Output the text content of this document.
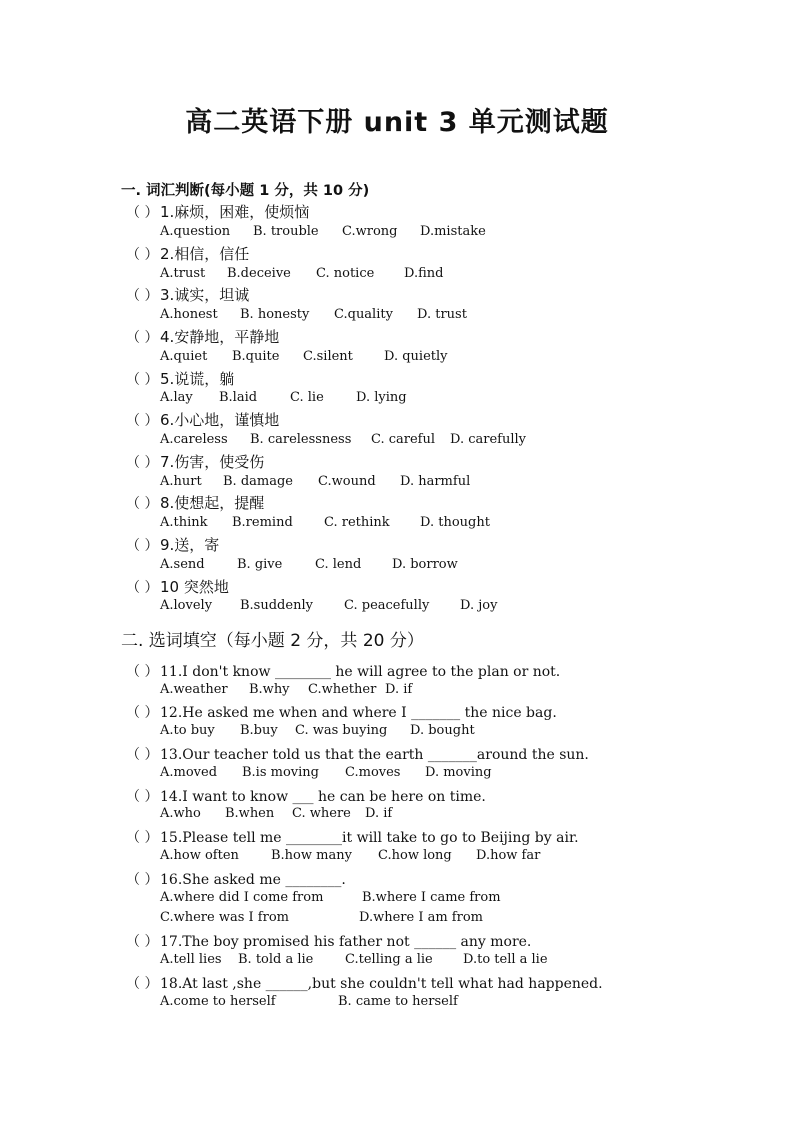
高二英语下册 unit 3 单元测试题
一. 词汇判断(每小题 1 分，共 10 分)
（ ） 1.麻烦，困难，使烦恼
A.question B. trouble C.wrong D.mistake
（ ） 2.相信，信任
A.trust B.deceive C. notice D.find
（ ） 3.诚实，坦诚
A.honest B. honesty C.quality D. trust
（ ） 4.安静地，平静地
A.quiet B.quite C.silent D. quietly
（ ） 5.说谎，躺
A.lay B.laid	C. lie D. lying
（ ） 6.小心地，谨慎地
A.careless B. carelessness C. careful D. carefully
（ ） 7.伤害，使受伤
A.hurt B. damage C.wound D. harmful
（ ） 8.使想起，提醒
A.think B.remind C. rethink D. thought
（ ） 9.送，寄
A.send B. give	C. lend D. borrow
（ ） 10 突然地
A.lovely B.suddenly C. peacefully D. joy
二. 选词填空（每小题 2 分，共 20 分）
（ ） 11.I don't know ________ he will agree to the plan or not.
A.weather B.why C.whether D. if
（ ） 12.He asked me when and where I _______ the nice bag.
A.to buy B.buy C. was buying D. bought
（ ） 13.Our teacher told us that the earth _______around the sun.
A.moved B.is moving C.moves D. moving
（ ） 14.I want to know ___ he can be here on time.
A.who B.when C. where D. if
（ ） 15.Please tell me ________it will take to go to Beijing by air.
A.how often B.how many C.how long D.how far
（ ） 16.She asked me ________.
A.where did I come from	B.where I came from
C.where was I from	D.where I am from
（ ） 17.The boy promised his father not ______ any more.
A.tell lies B. told a lie C.telling a lie D.to tell a lie
（ ） 18.At last ,she ______,but she couldn't tell what had happened.
A.come to herself	B. came to herself
